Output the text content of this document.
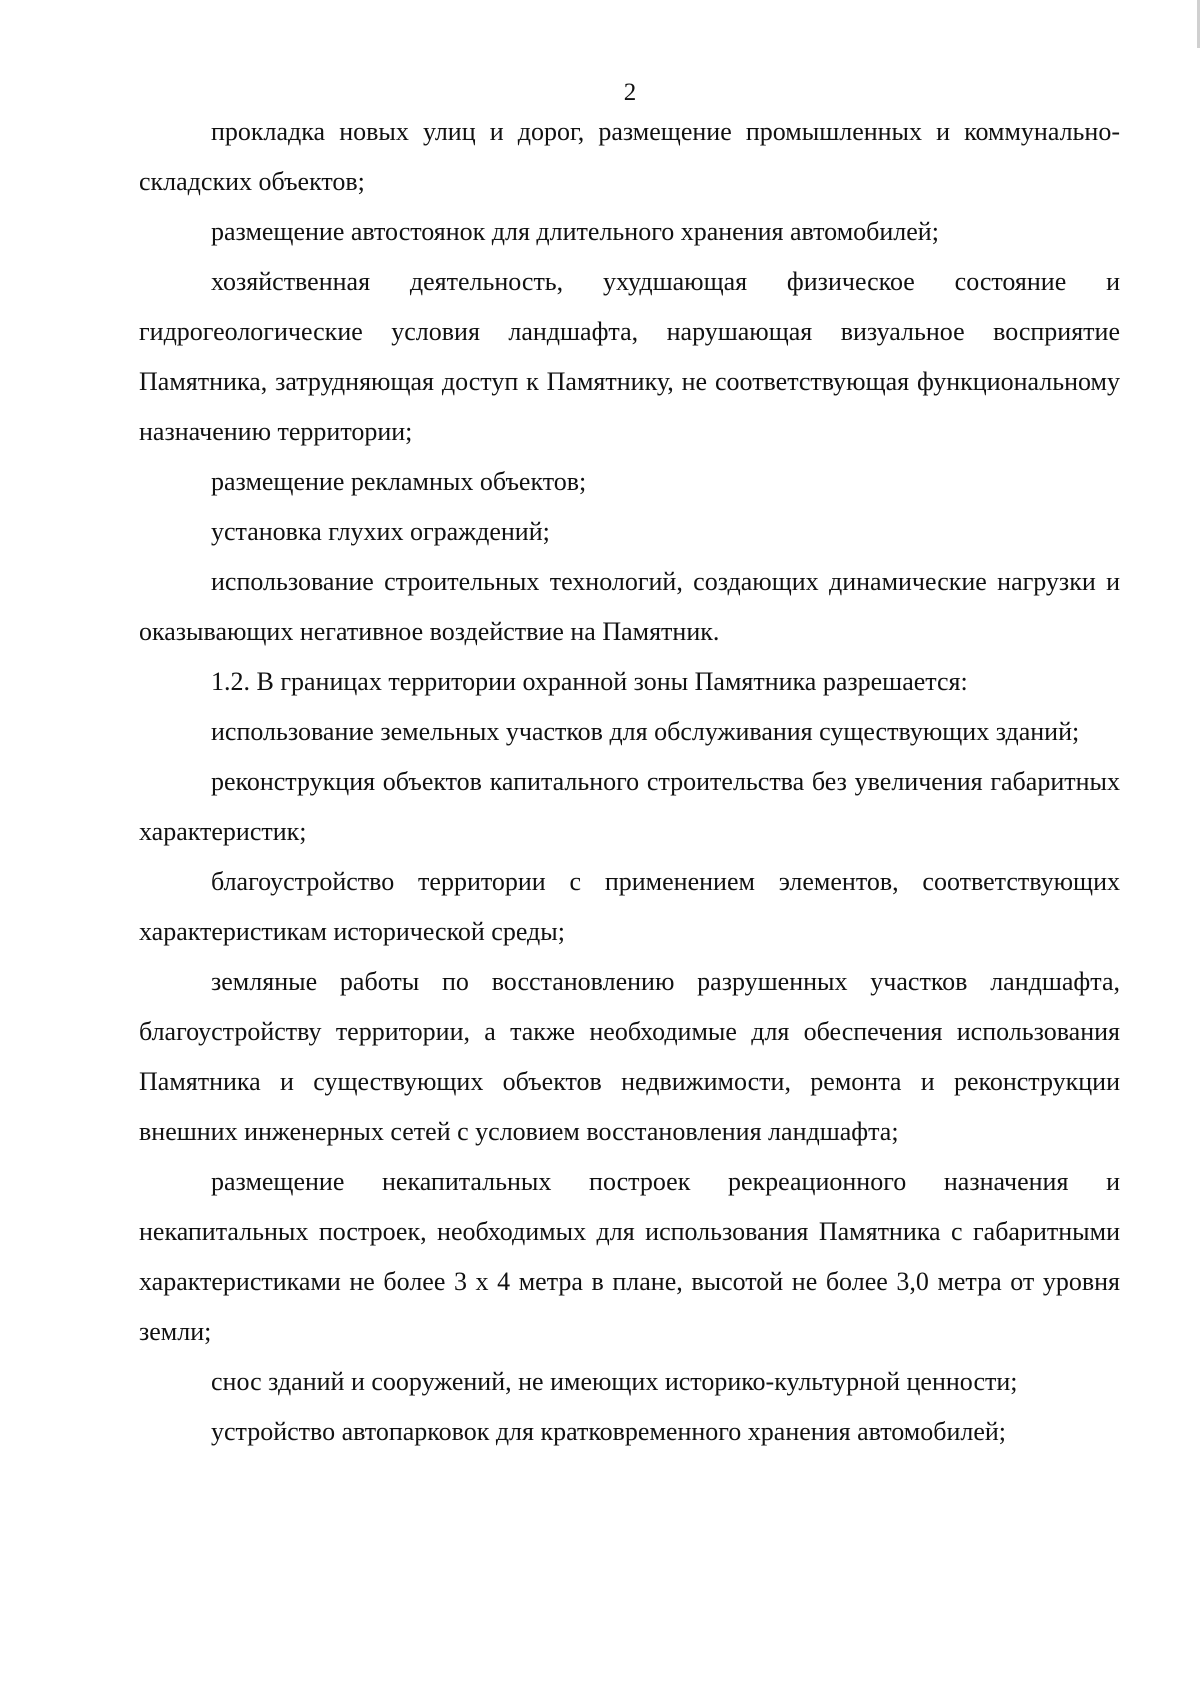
2

прокладка новых улиц и дорог, размещение промышленных и коммунально-складских объектов;

размещение автостоянок для длительного хранения автомобилей;

хозяйственная деятельность, ухудшающая физическое состояние и гидрогеологические условия ландшафта, нарушающая визуальное восприятие Памятника, затрудняющая доступ к Памятнику, не соответствующая функциональному назначению территории;

размещение рекламных объектов;

установка глухих ограждений;

использование строительных технологий, создающих динамические нагрузки и оказывающих негативное воздействие на Памятник.

1.2. В границах территории охранной зоны Памятника разрешается:

использование земельных участков для обслуживания существующих зданий;

реконструкция объектов капитального строительства без увеличения габаритных характеристик;

благоустройство территории с применением элементов, соответствующих характеристикам исторической среды;

земляные работы по восстановлению разрушенных участков ландшафта, благоустройству территории, а также необходимые для обеспечения использования Памятника и существующих объектов недвижимости, ремонта и реконструкции внешних инженерных сетей с условием восстановления ландшафта;

размещение некапитальных построек рекреационного назначения и некапитальных построек, необходимых для использования Памятника с габаритными характеристиками не более 3 х 4 метра в плане, высотой не более 3,0 метра от уровня земли;

снос зданий и сооружений, не имеющих историко-культурной ценности;

устройство автопарковок для кратковременного хранения автомобилей;
